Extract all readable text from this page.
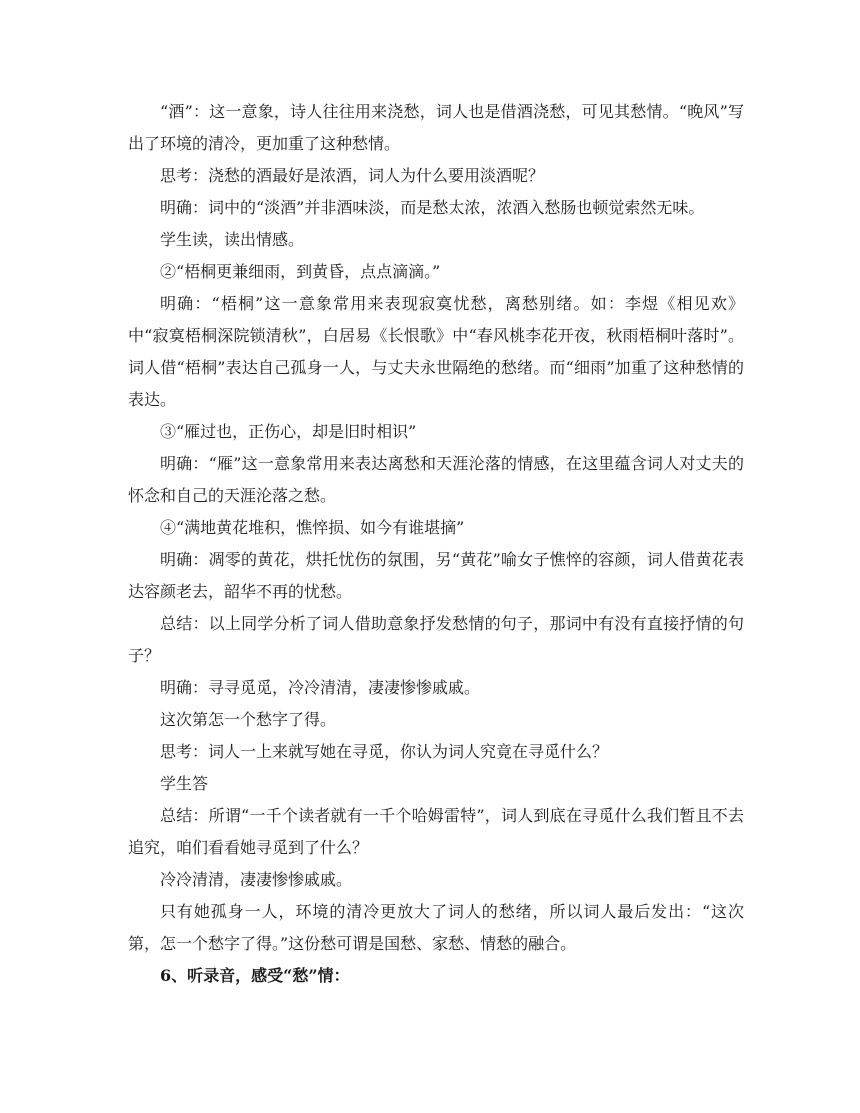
“酒”：这一意象，诗人往往用来浇愁，词人也是借酒浇愁，可见其愁情。“晚风”写出了环境的清冷，更加重了这种愁情。

思考：浇愁的酒最好是浓酒，词人为什么要用淡酒呢？

明确：词中的“淡酒”并非酒味淡，而是愁太浓，浓酒入愁肠也顿觉索然无味。

学生读，读出情感。

②“梧桐更兼细雨，到黄昏，点点滴滴。”

明确：“梧桐”这一意象常用来表现寂寞忧愁，离愁别绪。如：李煜《相见欢》中“寂寞梧桐深院锁清秋”，白居易《长恨歌》中“春风桃李花开夜，秋雨梧桐叶落时”。词人借“梧桐”表达自己孤身一人，与丈夫永世隔绝的愁绪。而“细雨”加重了这种愁情的表达。

③“雁过也，正伤心，却是旧时相识”

明确：“雁”这一意象常用来表达离愁和天涯沦落的情感，在这里蕴含词人对丈夫的怀念和自己的天涯沦落之愁。

④“满地黄花堆积，憔悴损、如今有谁堪摘”

明确：凋零的黄花，烘托忧伤的氛围，另“黄花”喻女子憔悴的容颜，词人借黄花表达容颜老去，韶华不再的忧愁。

总结：以上同学分析了词人借助意象抒发愁情的句子，那词中有没有直接抒情的句子？

明确：寻寻觅觅，冷冷清清，凄凄惨惨戚戚。

这次第怎一个愁字了得。

思考：词人一上来就写她在寻觅，你认为词人究竟在寻觅什么？

学生答

总结：所谓“一千个读者就有一千个哈姆雷特”，词人到底在寻觅什么我们暂且不去追究，咱们看看她寻觅到了什么？

冷冷清清，凄凄惨惨戚戚。

只有她孤身一人，环境的清冷更放大了词人的愁绪，所以词人最后发出：“这次第，怎一个愁字了得。”这份愁可谓是国愁、家愁、情愁的融合。

6、听录音，感受“愁”情：
